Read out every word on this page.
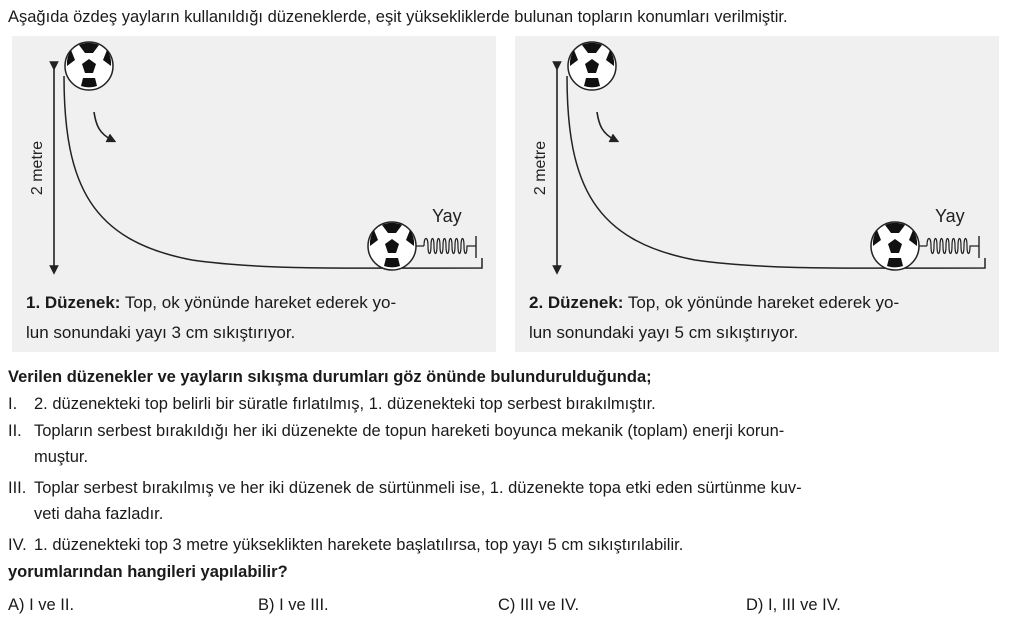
Aşağıda özdeş yayların kullanıldığı düzeneklerde, eşit yüksekliklerde bulunan topların konumları verilmiştir.
2 metre
Yay
1. Düzenek: Top, ok yönünde hareket ederek yo-
lun sonundaki yayı 3 cm sıkıştırıyor.
2 metre
Yay
2. Düzenek: Top, ok yönünde hareket ederek yo-
lun sonundaki yayı 5 cm sıkıştırıyor.
Verilen düzenekler ve yayların sıkışma durumları göz önünde bulundurulduğunda;
I. 2. düzenekteki top belirli bir süratle fırlatılmış, 1. düzenekteki top serbest bırakılmıştır.
II. Topların serbest bırakıldığı her iki düzenekte de topun hareketi boyunca mekanik (toplam) enerji korun-
muştur.
III. Toplar serbest bırakılmış ve her iki düzenek de sürtünmeli ise, 1. düzenekte topa etki eden sürtünme kuv-
veti daha fazladır.
IV. 1. düzenekteki top 3 metre yükseklikten harekete başlatılırsa, top yayı 5 cm sıkıştırılabilir.
yorumlarından hangileri yapılabilir?
A) I ve II.	B) I ve III.	C) III ve IV.	D) I, III ve IV.
